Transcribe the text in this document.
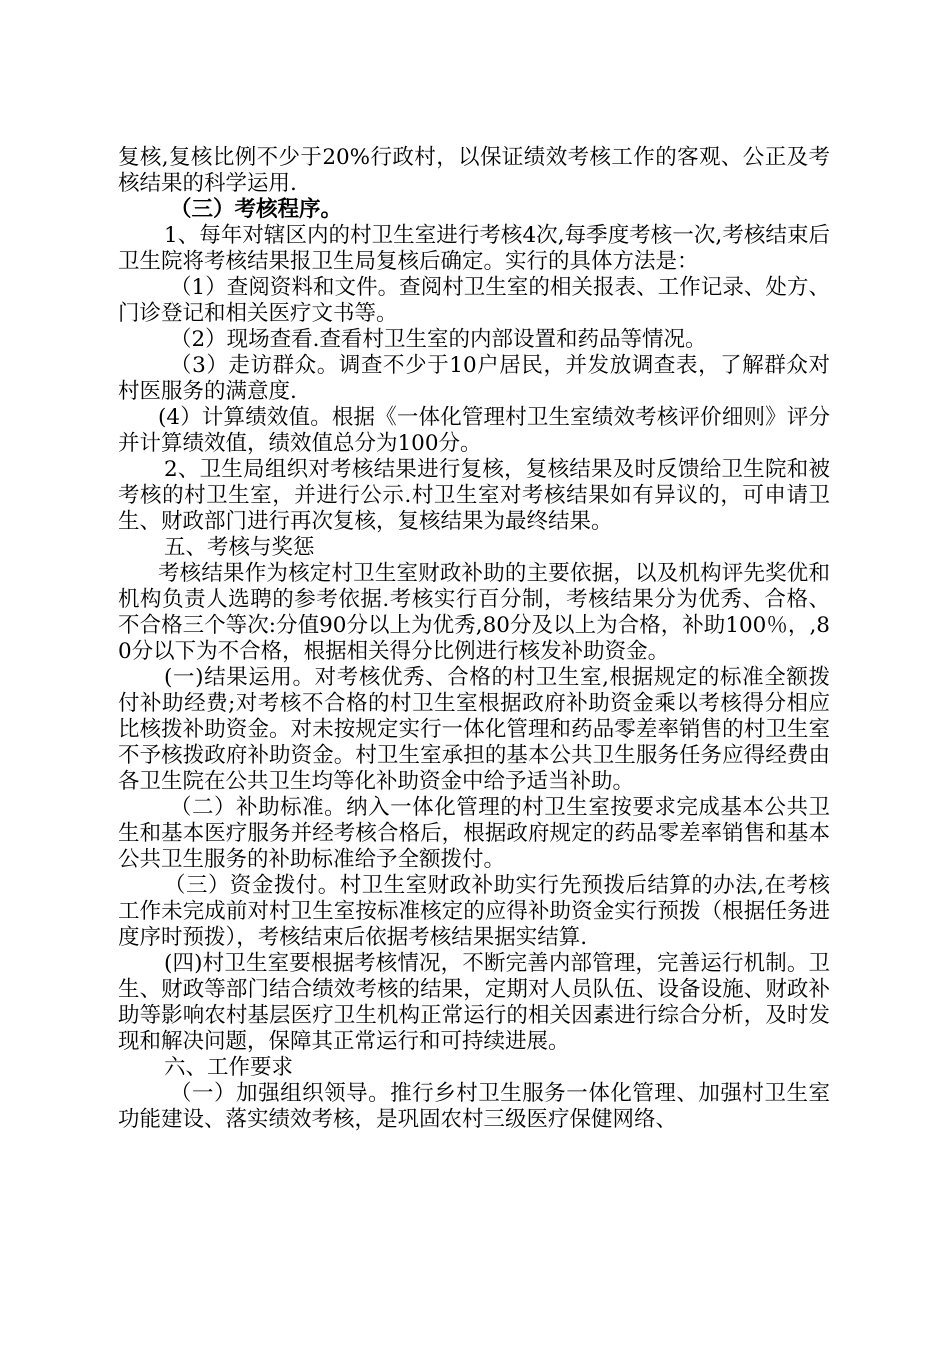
复核,复核比例不少于20%行政村，以保证绩效考核工作的客观、公正及考核结果的科学运用.

（三）考核程序。

1、每年对辖区内的村卫生室进行考核4次,每季度考核一次,考核结束后卫生院将考核结果报卫生局复核后确定。实行的具体方法是：

（1）查阅资料和文件。查阅村卫生室的相关报表、工作记录、处方、门诊登记和相关医疗文书等。

（2）现场查看.查看村卫生室的内部设置和药品等情况。

（3）走访群众。调查不少于10户居民，并发放调查表，了解群众对村医服务的满意度.

(4）计算绩效值。根据《一体化管理村卫生室绩效考核评价细则》评分并计算绩效值，绩效值总分为100分。

2、卫生局组织对考核结果进行复核，复核结果及时反馈给卫生院和被考核的村卫生室，并进行公示.村卫生室对考核结果如有异议的，可申请卫生、财政部门进行再次复核，复核结果为最终结果。

五、考核与奖惩

考核结果作为核定村卫生室财政补助的主要依据，以及机构评先奖优和机构负责人选聘的参考依据.考核实行百分制，考核结果分为优秀、合格、不合格三个等次:分值90分以上为优秀,80分及以上为合格，补助100％，,80分以下为不合格，根据相关得分比例进行核发补助资金。

(一)结果运用。对考核优秀、合格的村卫生室,根据规定的标准全额拨付补助经费;对考核不合格的村卫生室根据政府补助资金乘以考核得分相应比核拨补助资金。对未按规定实行一体化管理和药品零差率销售的村卫生室不予核拨政府补助资金。村卫生室承担的基本公共卫生服务任务应得经费由各卫生院在公共卫生均等化补助资金中给予适当补助。

（二）补助标准。纳入一体化管理的村卫生室按要求完成基本公共卫生和基本医疗服务并经考核合格后，根据政府规定的药品零差率销售和基本公共卫生服务的补助标准给予全额拨付。

（三）资金拨付。村卫生室财政补助实行先预拨后结算的办法,在考核工作未完成前对村卫生室按标准核定的应得补助资金实行预拨（根据任务进度序时预拨），考核结束后依据考核结果据实结算.

(四)村卫生室要根据考核情况，不断完善内部管理，完善运行机制。卫生、财政等部门结合绩效考核的结果，定期对人员队伍、设备设施、财政补助等影响农村基层医疗卫生机构正常运行的相关因素进行综合分析，及时发现和解决问题，保障其正常运行和可持续进展。

六、工作要求

（一）加强组织领导。推行乡村卫生服务一体化管理、加强村卫生室功能建设、落实绩效考核，是巩固农村三级医疗保健网络、
